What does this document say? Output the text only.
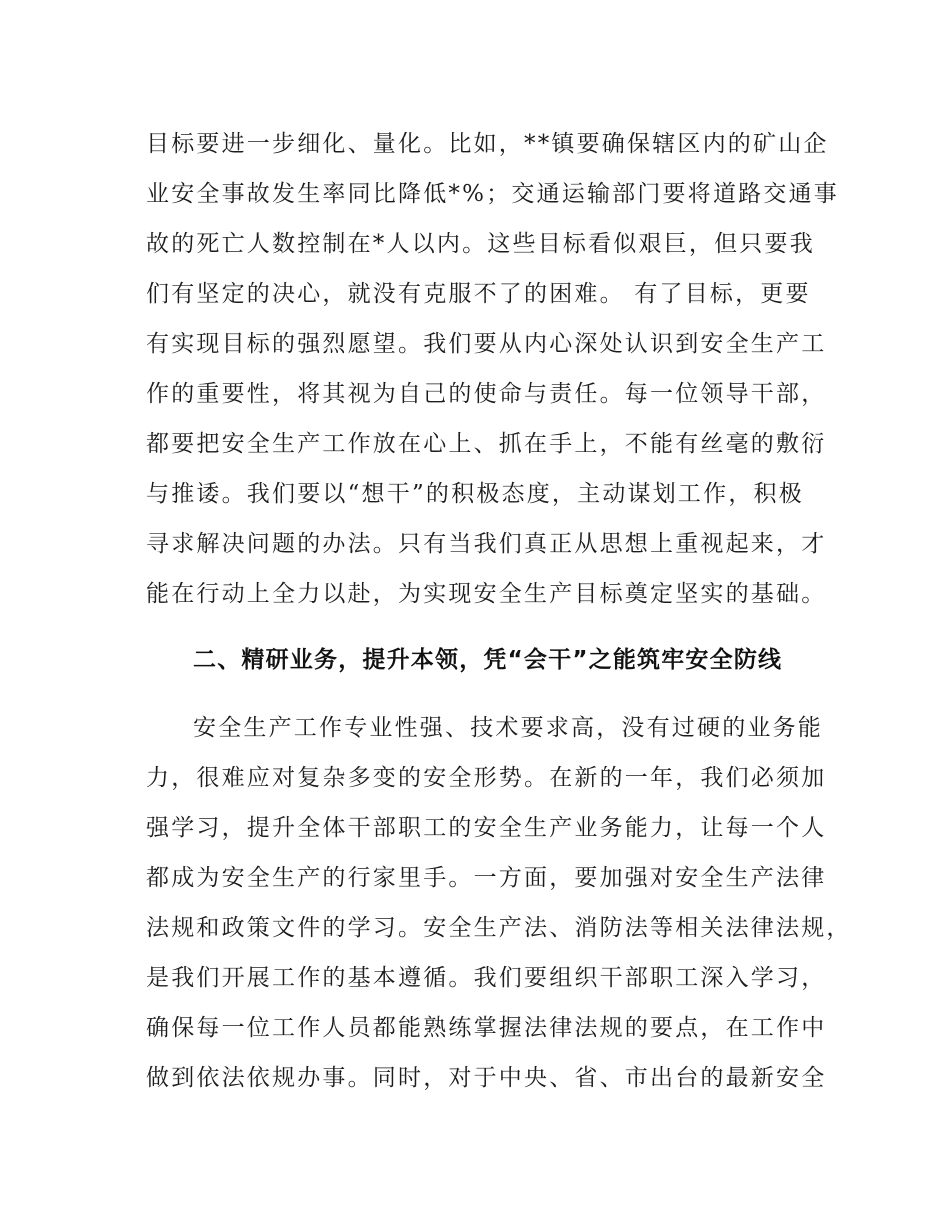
目标要进一步细化、量化。比如，**镇要确保辖区内的矿山企
业安全事故发生率同比降低*%；交通运输部门要将道路交通事
故的死亡人数控制在*人以内。这些目标看似艰巨，但只要我
们有坚定的决心，就没有克服不了的困难。 有了目标，更要
有实现目标的强烈愿望。我们要从内心深处认识到安全生产工
作的重要性，将其视为自己的使命与责任。每一位领导干部，
都要把安全生产工作放在心上、抓在手上，不能有丝毫的敷衍
与推诿。我们要以“想干”的积极态度，主动谋划工作，积极
寻求解决问题的办法。只有当我们真正从思想上重视起来，才
能在行动上全力以赴，为实现安全生产目标奠定坚实的基础。
二、精研业务，提升本领，凭“会干”之能筑牢安全防线
安全生产工作专业性强、技术要求高，没有过硬的业务能
力，很难应对复杂多变的安全形势。在新的一年，我们必须加
强学习，提升全体干部职工的安全生产业务能力，让每一个人
都成为安全生产的行家里手。一方面，要加强对安全生产法律
法规和政策文件的学习。安全生产法、消防法等相关法律法规，
是我们开展工作的基本遵循。我们要组织干部职工深入学习，
确保每一位工作人员都能熟练掌握法律法规的要点，在工作中
做到依法依规办事。同时，对于中央、省、市出台的最新安全
